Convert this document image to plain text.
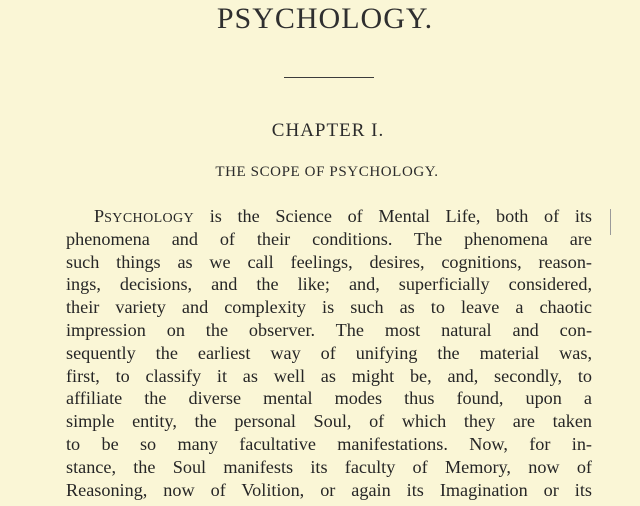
PSYCHOLOGY.
CHAPTER I.
THE SCOPE OF PSYCHOLOGY.
PSYCHOLOGY is the Science of Mental Life, both of its
phenomena and of their conditions. The phenomena are
such things as we call feelings, desires, cognitions, reason-
ings, decisions, and the like; and, superficially considered,
their variety and complexity is such as to leave a chaotic
impression on the observer. The most natural and con-
sequently the earliest way of unifying the material was,
first, to classify it as well as might be, and, secondly, to
affiliate the diverse mental modes thus found, upon a
simple entity, the personal Soul, of which they are taken
to be so many facultative manifestations. Now, for in-
stance, the Soul manifests its faculty of Memory, now of
Reasoning, now of Volition, or again its Imagination or its
